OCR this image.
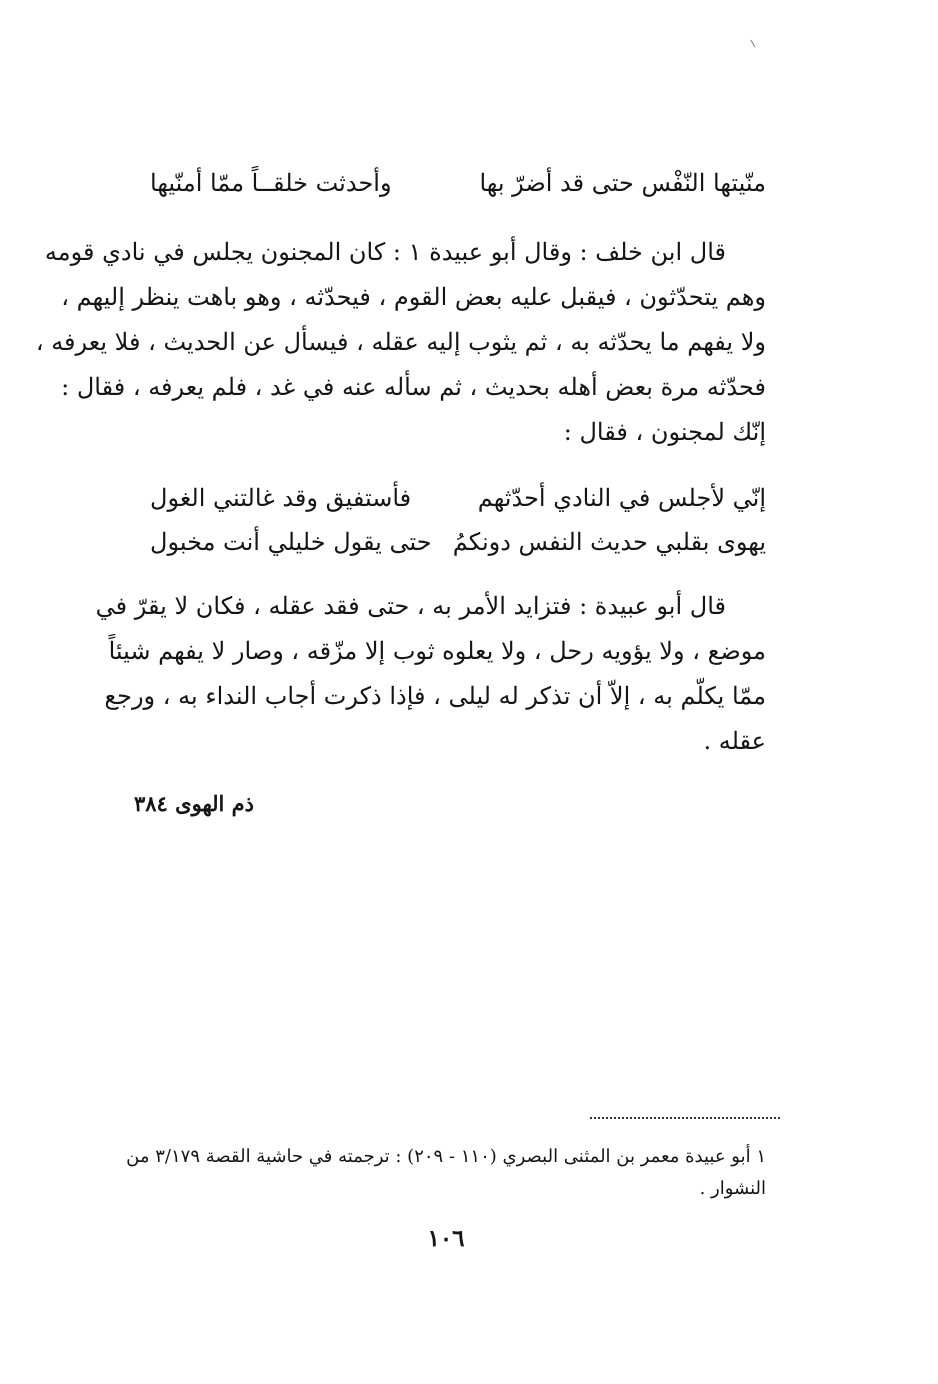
منّيتها النّفْس حتى قد أضرّ بها
وأحدثت خلقــاً ممّا أمنّيها
قال ابن خلف : وقال أبو عبيدة ١ : كان المجنون يجلس في نادي قومه
وهم يتحدّثون ، فيقبل عليه بعض القوم ، فيحدّثه ، وهو باهت ينظر إليهم ،
ولا يفهم ما يحدّثه به ، ثم يثوب إليه عقله ، فيسأل عن الحديث ، فلا يعرفه ،
فحدّثه مرة بعض أهله بحديث ، ثم سأله عنه في غد ، فلم يعرفه ، فقال :
إنّك لمجنون ، فقال :
إنّي لأجلس في النادي أحدّثهم
فأستفيق وقد غالتني الغول
يهوى بقلبي حديث النفس دونكمُ
حتى يقول خليلي أنت مخبول
قال أبو عبيدة : فتزايد الأمر به ، حتى فقد عقله ، فكان لا يقرّ في
موضع ، ولا يؤويه رحل ، ولا يعلوه ثوب إلا مزّقه ، وصار لا يفهم شيئاً
ممّا يكلّم به ، إلاّ أن تذكر له ليلى ، فإذا ذكرت أجاب النداء به ، ورجع
عقله .
ذم الهوى ٣٨٤
١ أبو عبيدة معمر بن المثنى البصري (١١٠ - ٢٠٩) : ترجمته في حاشية القصة ٣/١٧٩ من
النشوار .
١٠٦
